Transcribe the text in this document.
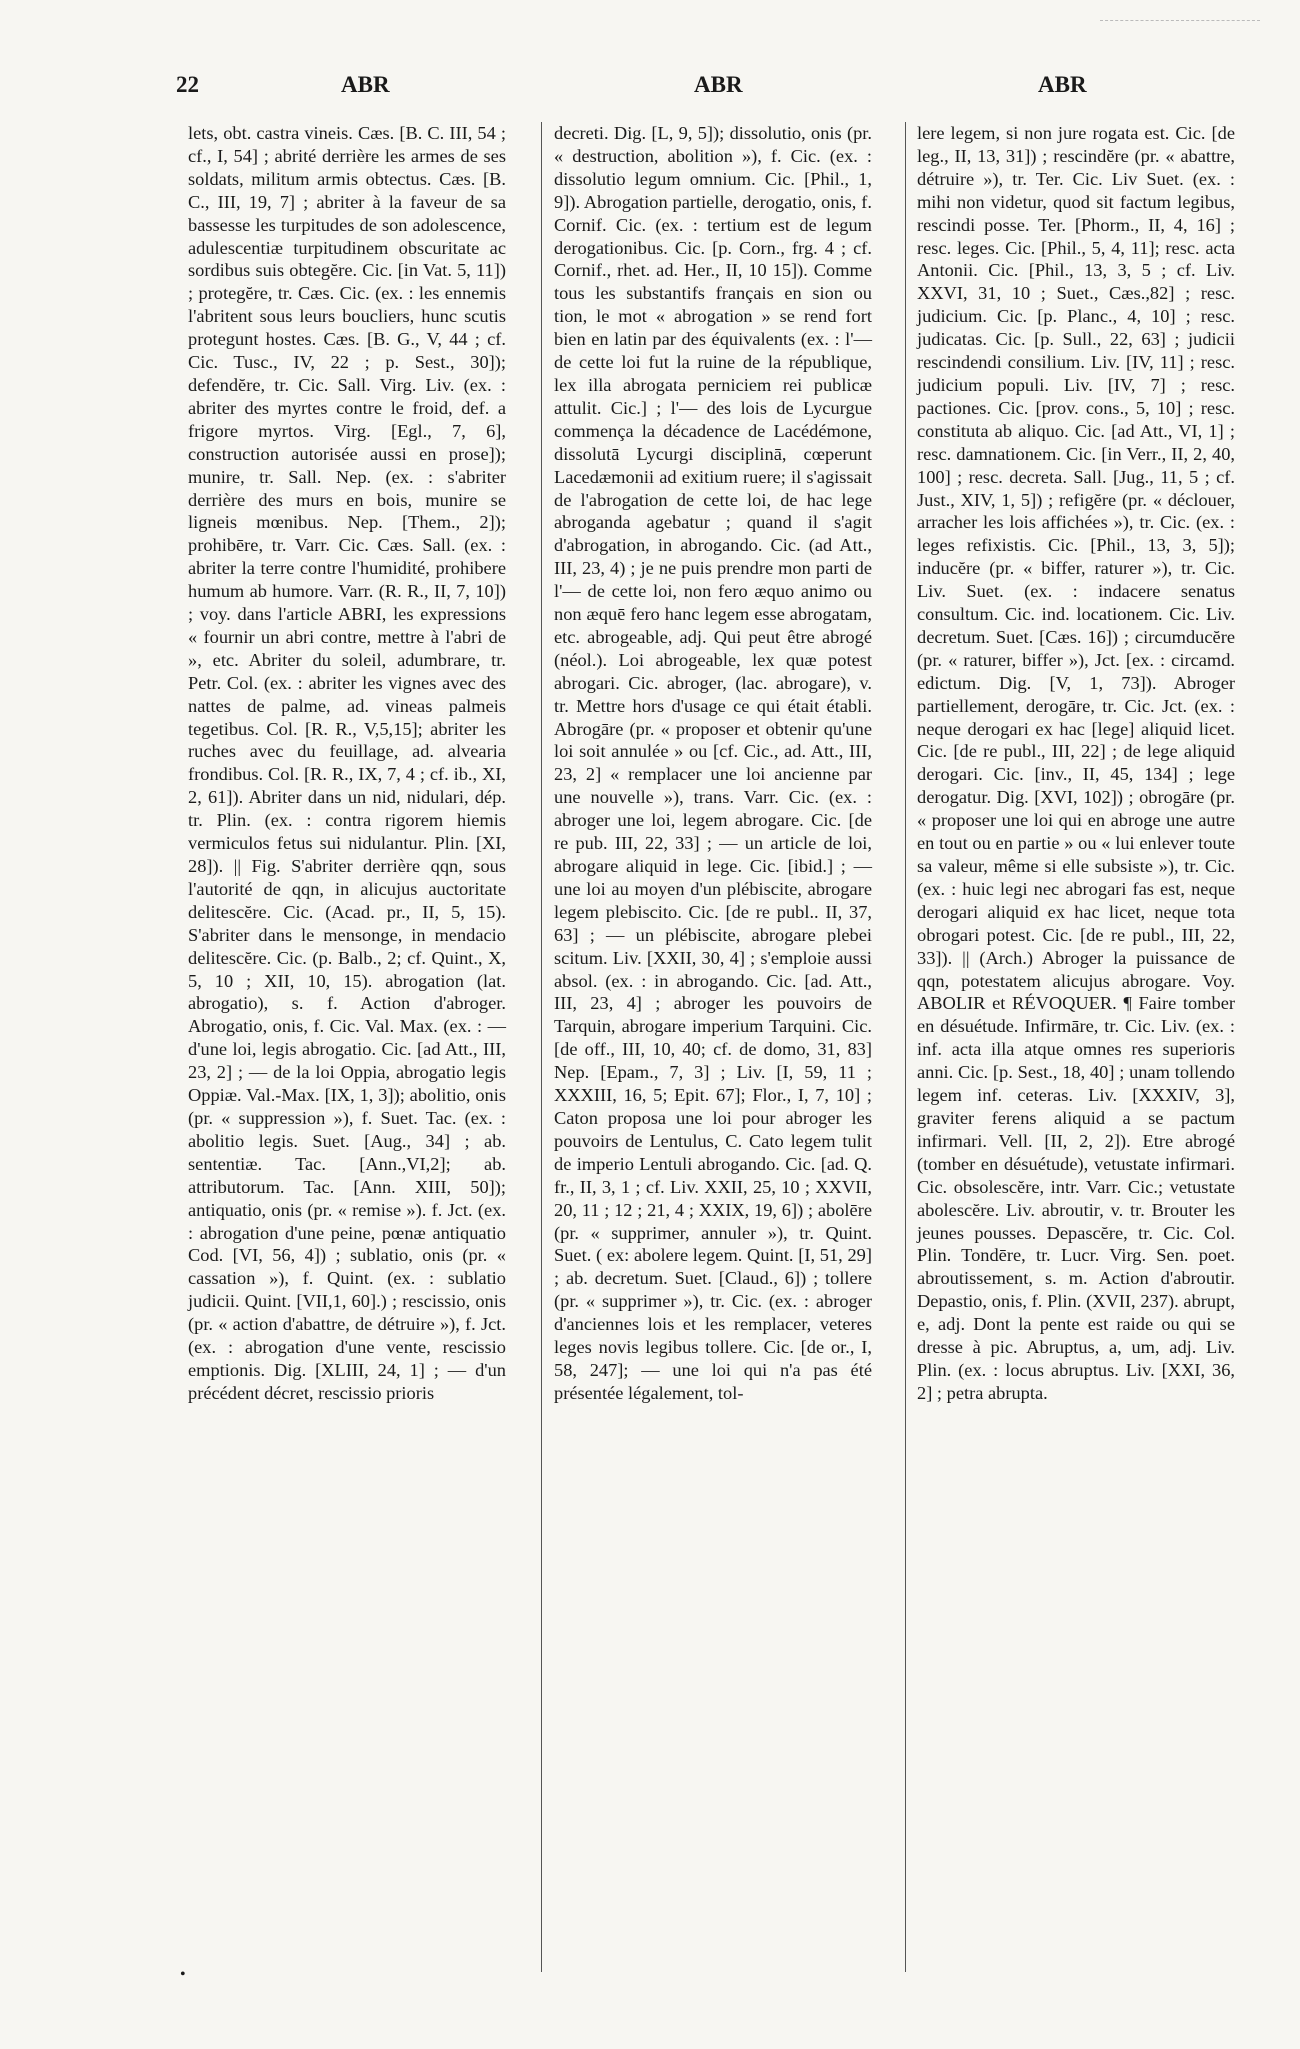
22	ABR	ABR	ABR

lets, obt. castra vineis. Cæs. [B. C. III, 54 ; cf., I, 54] ; abrité derrière les armes de ses soldats, militum armis obtectus. Cæs. [B. C., III, 19, 7] ; abriter à la faveur de sa bassesse les turpitudes de son adolescence, adulescentiæ turpitudinem obscuritate ac sordibus suis obtegĕre. Cic. [in Vat. 5, 11]) ; protegĕre, tr. Cæs. Cic. (ex. : les ennemis l'abritent sous leurs boucliers, hunc scutis protegunt hostes. Cæs. [B. G., V, 44 ; cf. Cic. Tusc., IV, 22 ; p. Sest., 30]); defendĕre, tr. Cic. Sall. Virg. Liv. (ex. : abriter des myrtes contre le froid, def. a frigore myrtos. Virg. [Egl., 7, 6], construction autorisée aussi en prose]); munire, tr. Sall. Nep. (ex. : s'abriter derrière des murs en bois, munire se ligneis mœnibus. Nep. [Them., 2]); prohibēre, tr. Varr. Cic. Cæs. Sall. (ex. : abriter la terre contre l'humidité, prohibere humum ab humore. Varr. (R. R., II, 7, 10]) ; voy. dans l'article ABRI, les expressions « fournir un abri contre, mettre à l'abri de », etc. Abriter du soleil, adumbrare, tr. Petr. Col. (ex. : abriter les vignes avec des nattes de palme, ad. vineas palmeis tegetibus. Col. [R. R., V,5,15]; abriter les ruches avec du feuillage, ad. alvearia frondibus. Col. [R. R., IX, 7, 4 ; cf. ib., XI, 2, 61]). Abriter dans un nid, nidulari, dép. tr. Plin. (ex. : contra rigorem hiemis vermiculos fetus sui nidulantur. Plin. [XI, 28]). || Fig. S'abriter derrière qqn, sous l'autorité de qqn, in alicujus auctoritate delitescĕre. Cic. (Acad. pr., II, 5, 15). S'abriter dans le mensonge, in mendacio delitescĕre. Cic. (p. Balb., 2; cf. Quint., X, 5, 10 ; XII, 10, 15). abrogation (lat. abrogatio), s. f. Action d'abroger. Abrogatio, onis, f. Cic. Val. Max. (ex. : — d'une loi, legis abrogatio. Cic. [ad Att., III, 23, 2] ; — de la loi Oppia, abrogatio legis Oppiæ. Val.-Max. [IX, 1, 3]); abolitio, onis (pr. « suppression »), f. Suet. Tac. (ex. : abolitio legis. Suet. [Aug., 34] ; ab. sententiæ. Tac. [Ann.,VI,2]; ab. attributorum. Tac. [Ann. XIII, 50]); antiquatio, onis (pr. « remise »). f. Jct. (ex. : abrogation d'une peine, pœnæ antiquatio Cod. [VI, 56, 4]) ; sublatio, onis (pr. « cassation »), f. Quint. (ex. : sublatio judicii. Quint. [VII,1, 60].) ; rescissio, onis (pr. « action d'abattre, de détruire »), f. Jct. (ex. : abrogation d'une vente, rescissio emptionis. Dig. [XLIII, 24, 1] ; — d'un précédent décret, rescissio prioris

decreti. Dig. [L, 9, 5]); dissolutio, onis (pr. « destruction, abolition »), f. Cic. (ex. : dissolutio legum omnium. Cic. [Phil., 1, 9]). Abrogation partielle, derogatio, onis, f. Cornif. Cic. (ex. : tertium est de legum derogationibus. Cic. [p. Corn., frg. 4 ; cf. Cornif., rhet. ad. Her., II, 10 15]). Comme tous les substantifs français en sion ou tion, le mot « abrogation » se rend fort bien en latin par des équivalents (ex. : l'— de cette loi fut la ruine de la république, lex illa abrogata perniciem rei publicæ attulit. Cic.] ; l'— des lois de Lycurgue commença la décadence de Lacédémone, dissolutā Lycurgi disciplinā, cœperunt Lacedæmonii ad exitium ruere; il s'agissait de l'abrogation de cette loi, de hac lege abroganda agebatur ; quand il s'agit d'abrogation, in abrogando. Cic. (ad Att., III, 23, 4) ; je ne puis prendre mon parti de l'— de cette loi, non fero æquo animo ou non æquē fero hanc legem esse abrogatam, etc. abrogeable, adj. Qui peut être abrogé (néol.). Loi abrogeable, lex quæ potest abrogari. Cic. abroger, (lac. abrogare), v. tr. Mettre hors d'usage ce qui était établi. Abrogāre (pr. « proposer et obtenir qu'une loi soit annulée » ou [cf. Cic., ad. Att., III, 23, 2] « remplacer une loi ancienne par une nouvelle »), trans. Varr. Cic. (ex. : abroger une loi, legem abrogare. Cic. [de re pub. III, 22, 33] ; — un article de loi, abrogare aliquid in lege. Cic. [ibid.] ; — une loi au moyen d'un plébiscite, abrogare legem plebiscito. Cic. [de re publ.. II, 37, 63] ; — un plébiscite, abrogare plebei scitum. Liv. [XXII, 30, 4] ; s'emploie aussi absol. (ex. : in abrogando. Cic. [ad. Att., III, 23, 4] ; abroger les pouvoirs de Tarquin, abrogare imperium Tarquini. Cic. [de off., III, 10, 40; cf. de domo, 31, 83] Nep. [Epam., 7, 3] ; Liv. [I, 59, 11 ; XXXIII, 16, 5; Epit. 67]; Flor., I, 7, 10] ; Caton proposa une loi pour abroger les pouvoirs de Lentulus, C. Cato legem tulit de imperio Lentuli abrogando. Cic. [ad. Q. fr., II, 3, 1 ; cf. Liv. XXII, 25, 10 ; XXVII, 20, 11 ; 12 ; 21, 4 ; XXIX, 19, 6]) ; abolēre (pr. « supprimer, annuler »), tr. Quint. Suet. ( ex: abolere legem. Quint. [I, 51, 29] ; ab. decretum. Suet. [Claud., 6]) ; tollere (pr. « supprimer »), tr. Cic. (ex. : abroger d'anciennes lois et les remplacer, veteres leges novis legibus tollere. Cic. [de or., I, 58, 247]; — une loi qui n'a pas été présentée légalement, tol-

lere legem, si non jure rogata est. Cic. [de leg., II, 13, 31]) ; rescindĕre (pr. « abattre, détruire »), tr. Ter. Cic. Liv Suet. (ex. : mihi non videtur, quod sit factum legibus, rescindi posse. Ter. [Phorm., II, 4, 16] ; resc. leges. Cic. [Phil., 5, 4, 11]; resc. acta Antonii. Cic. [Phil., 13, 3, 5 ; cf. Liv. XXVI, 31, 10 ; Suet., Cæs.,82] ; resc. judicium. Cic. [p. Planc., 4, 10] ; resc. judicatas. Cic. [p. Sull., 22, 63] ; judicii rescindendi consilium. Liv. [IV, 11] ; resc. judicium populi. Liv. [IV, 7] ; resc. pactiones. Cic. [prov. cons., 5, 10] ; resc. constituta ab aliquo. Cic. [ad Att., VI, 1] ; resc. damnationem. Cic. [in Verr., II, 2, 40, 100] ; resc. decreta. Sall. [Jug., 11, 5 ; cf. Just., XIV, 1, 5]) ; refigĕre (pr. « déclouer, arracher les lois affichées »), tr. Cic. (ex. : leges refixistis. Cic. [Phil., 13, 3, 5]); inducĕre (pr. « biffer, raturer »), tr. Cic. Liv. Suet. (ex. : indacere senatus consultum. Cic. ind. locationem. Cic. Liv. decretum. Suet. [Cæs. 16]) ; circumducĕre (pr. « raturer, biffer »), Jct. [ex. : circamd. edictum. Dig. [V, 1, 73]). Abroger partiellement, derogāre, tr. Cic. Jct. (ex. : neque derogari ex hac [lege] aliquid licet. Cic. [de re publ., III, 22] ; de lege aliquid derogari. Cic. [inv., II, 45, 134] ; lege derogatur. Dig. [XVI, 102]) ; obrogāre (pr. « proposer une loi qui en abroge une autre en tout ou en partie » ou « lui enlever toute sa valeur, même si elle subsiste »), tr. Cic. (ex. : huic legi nec abrogari fas est, neque derogari aliquid ex hac licet, neque tota obrogari potest. Cic. [de re publ., III, 22, 33]). || (Arch.) Abroger la puissance de qqn, potestatem alicujus abrogare. Voy. ABOLIR et RÉVOQUER. ¶ Faire tomber en désuétude. Infirmāre, tr. Cic. Liv. (ex. : inf. acta illa atque omnes res superioris anni. Cic. [p. Sest., 18, 40] ; unam tollendo legem inf. ceteras. Liv. [XXXIV, 3], graviter ferens aliquid a se pactum infirmari. Vell. [II, 2, 2]). Etre abrogé (tomber en désuétude), vetustate infirmari. Cic. obsolescĕre, intr. Varr. Cic.; vetustate abolescĕre. Liv. abroutir, v. tr. Brouter les jeunes pousses. Depascĕre, tr. Cic. Col. Plin. Tondēre, tr. Lucr. Virg. Sen. poet. abroutissement, s. m. Action d'abroutir. Depastio, onis, f. Plin. (XVII, 237). abrupt, e, adj. Dont la pente est raide ou qui se dresse à pic. Abruptus, a, um, adj. Liv. Plin. (ex. : locus abruptus. Liv. [XXI, 36, 2] ; petra abrupta.

•
